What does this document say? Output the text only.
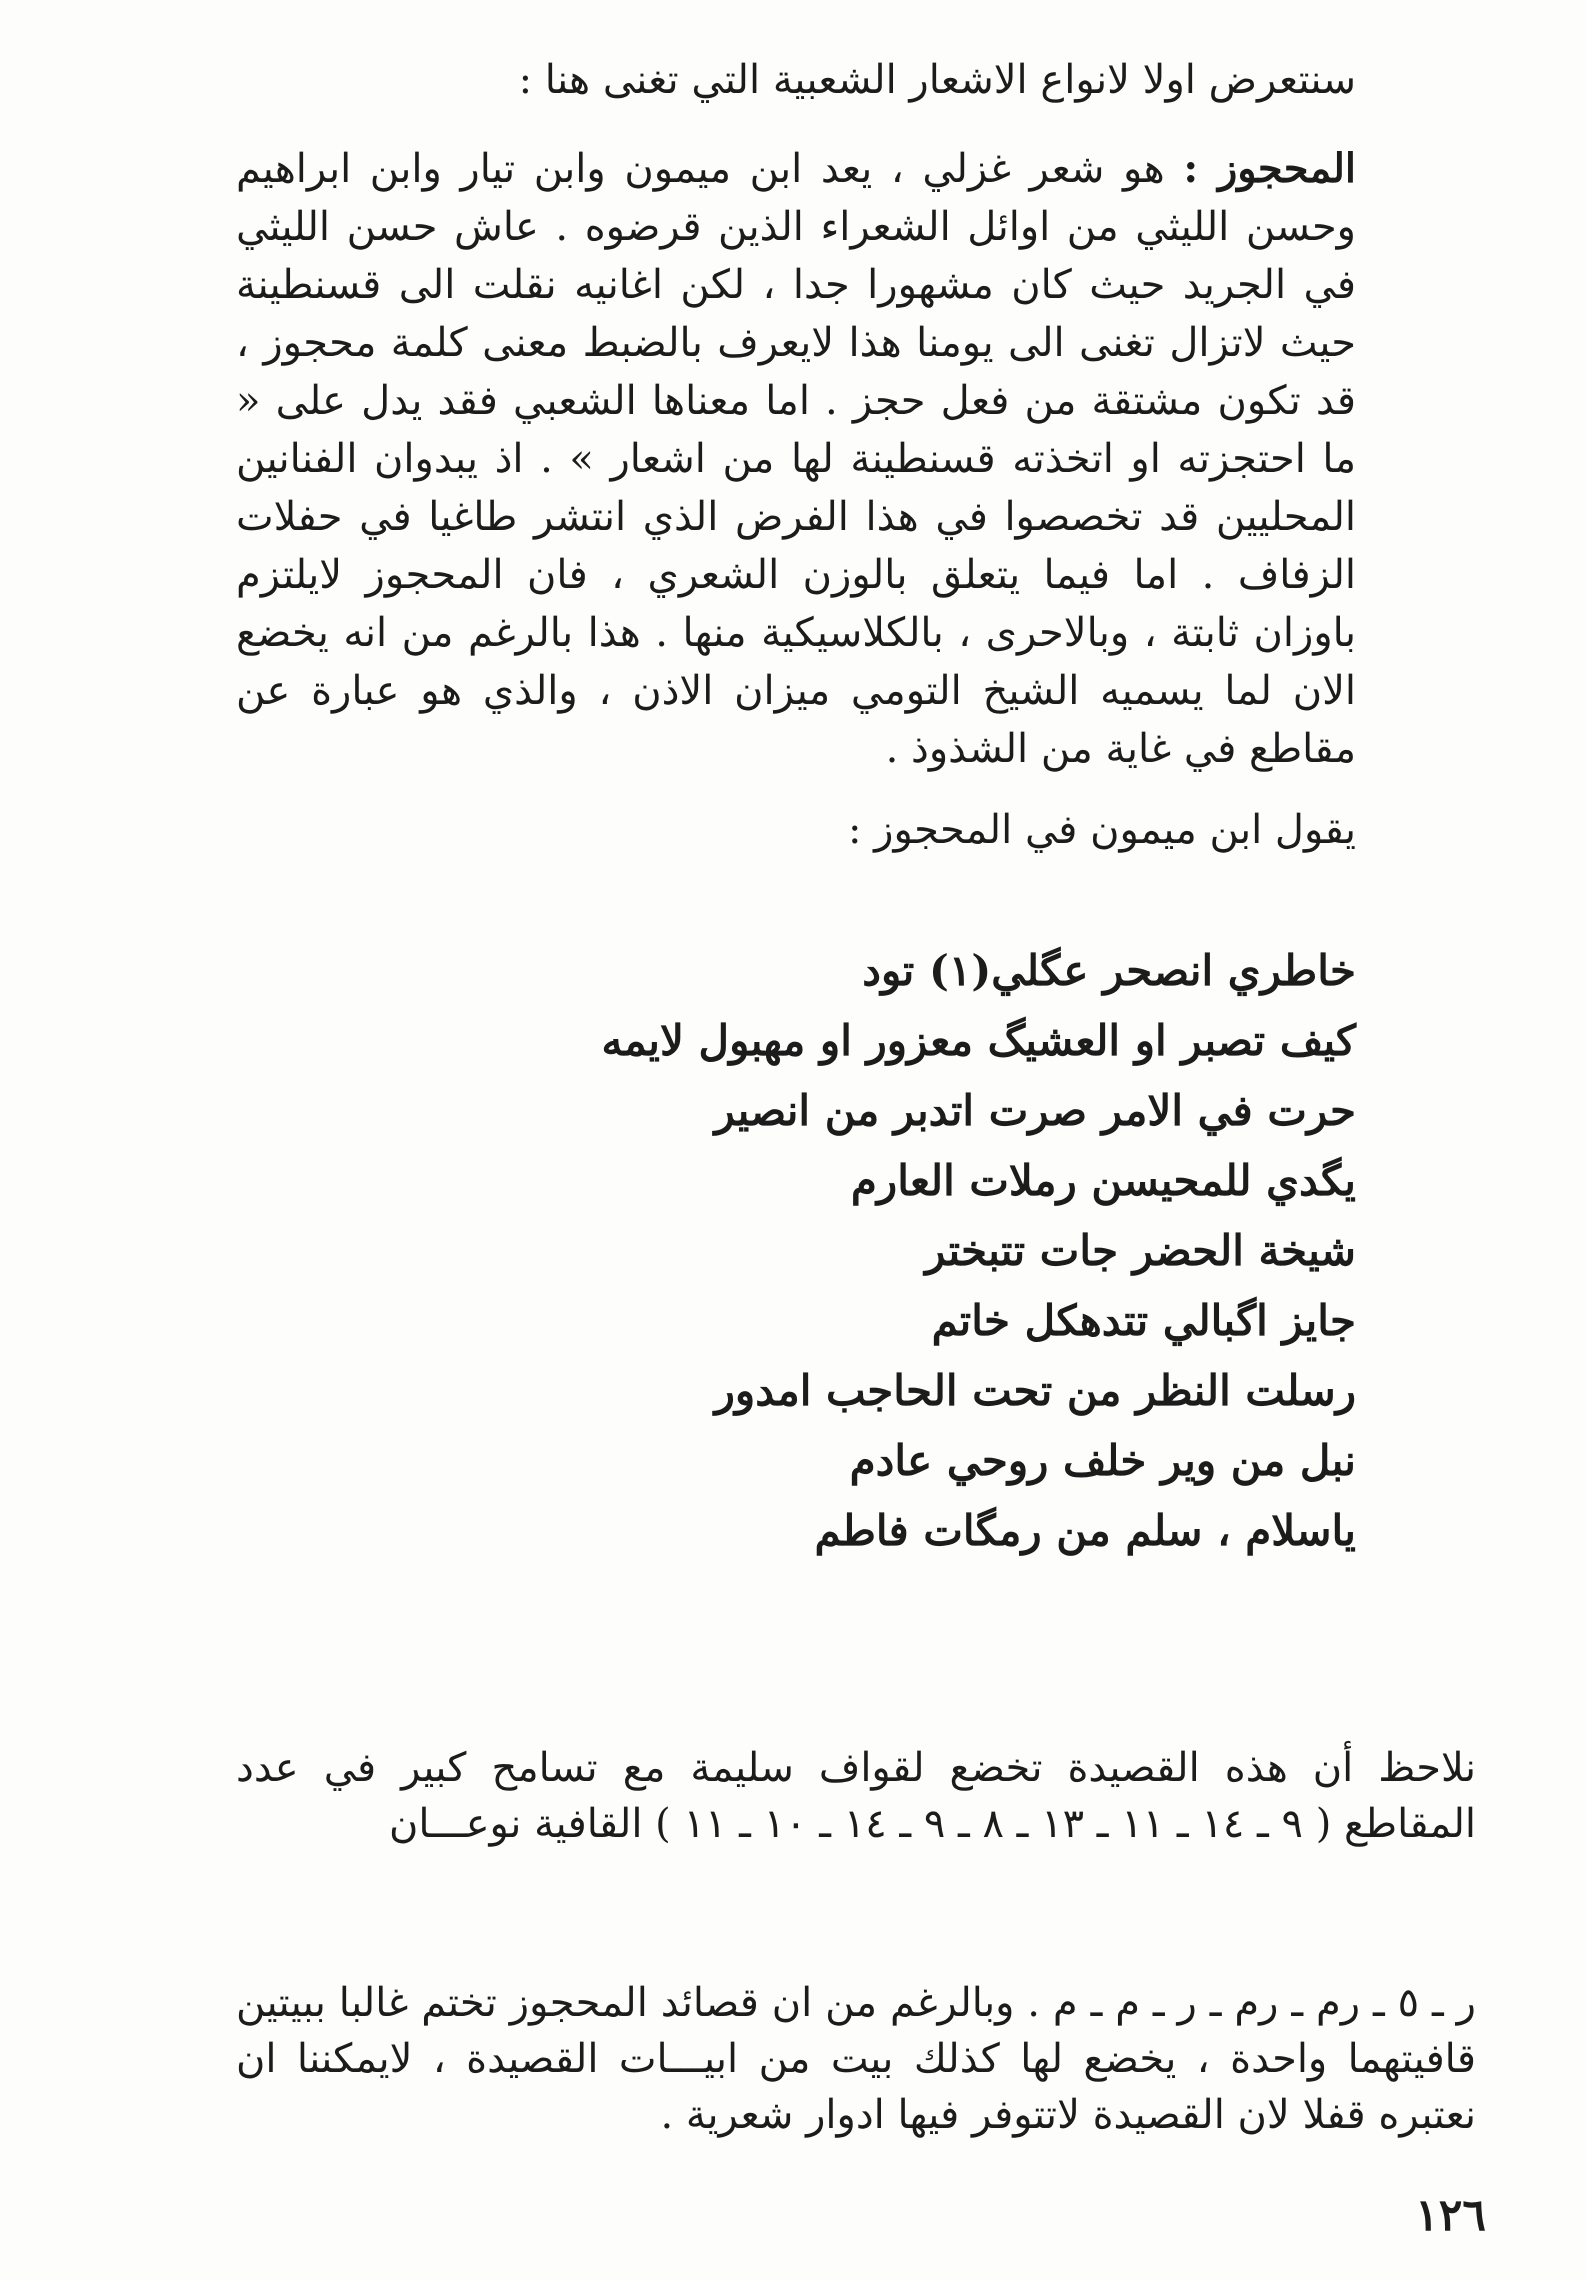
سنتعرض اولا لانواع الاشعار الشعبية التي تغنى هنا :

المحجوز : هو شعر غزلي ، يعد ابن ميمون وابن تيار وابن ابراهيم وحسن الليثي من اوائل الشعراء الذين قرضوه . عاش حسن الليثي في الجريد حيث كان مشهورا جدا ، لكن اغانيه نقلت الى قسنطينة حيث لاتزال تغنى الى يومنا هذا لايعرف بالضبط معنى كلمة محجوز ، قد تكون مشتقة من فعل حجز . اما معناها الشعبي فقد يدل على « ما احتجزته او اتخذته قسنطينة لها من اشعار » . اذ يبدوان الفنانين المحليين قد تخصصوا في هذا الفرض الذي انتشر طاغيا في حفلات الزفاف . اما فيما يتعلق بالوزن الشعري ، فان المحجوز لايلتزم باوزان ثابتة ، وبالاحرى ، بالكلاسيكية منها . هذا بالرغم من انه يخضع الان لما يسميه الشيخ التومي ميزان الاذن ، والذي هو عبارة عن مقاطع في غاية من الشذوذ .

يقول ابن ميمون في المحجوز :

خاطري انصحر عگلي(١) تود
كيف تصبر او العشيگ معزور او مهبول لايمه
حرت في الامر صرت اتدبر من انصير
يگدي للمحيسن رملات العارم
شيخة الحضر جات تتبختر
جايز اگبالي تتدهكل خاتم
رسلت النظر من تحت الحاجب امدور
نبل من وير خلف روحي عادم
ياسلام ، سلم من رمگات فاطم

نلاحظ أن هذه القصيدة تخضع لقواف سليمة مع تسامح كبير في عدد المقاطع ( ٩ ـ ١٤ ـ ١١ ـ ١٣ ـ ٨ ـ ٩ ـ ١٤ ـ ١٠ ـ ١١ ) القافية نوعـــان

ر ـ ٥ ـ رم ـ رم ـ ر ـ م ـ م . وبالرغم من ان قصائد المحجوز تختم غالبا ببيتين قافيتهما واحدة ، يخضع لها كذلك بيت من ابيـــات القصيدة ، لايمكننا ان نعتبره قفلا لان القصيدة لاتتوفر فيها ادوار شعرية .

١٢٦
